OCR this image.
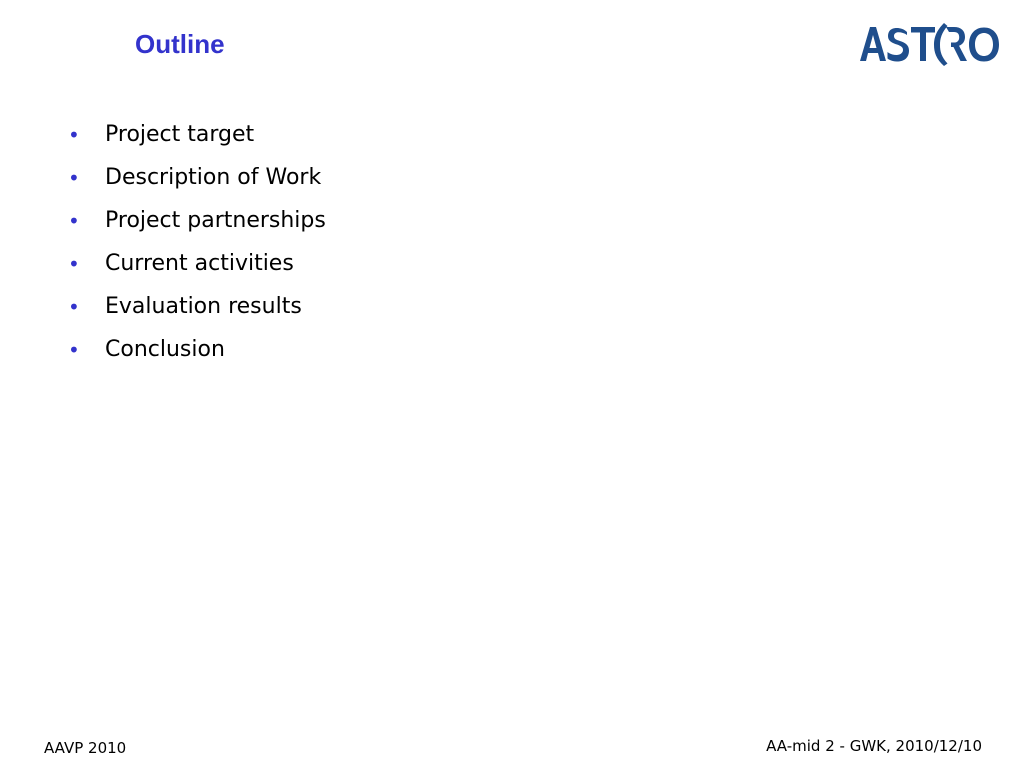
Outline
•	Project target
•	Description of Work
•	Project partnerships
•	Current activities
•	Evaluation results
•	Conclusion
AAVP 2010	AA-mid 2 - GWK, 2010/12/10
